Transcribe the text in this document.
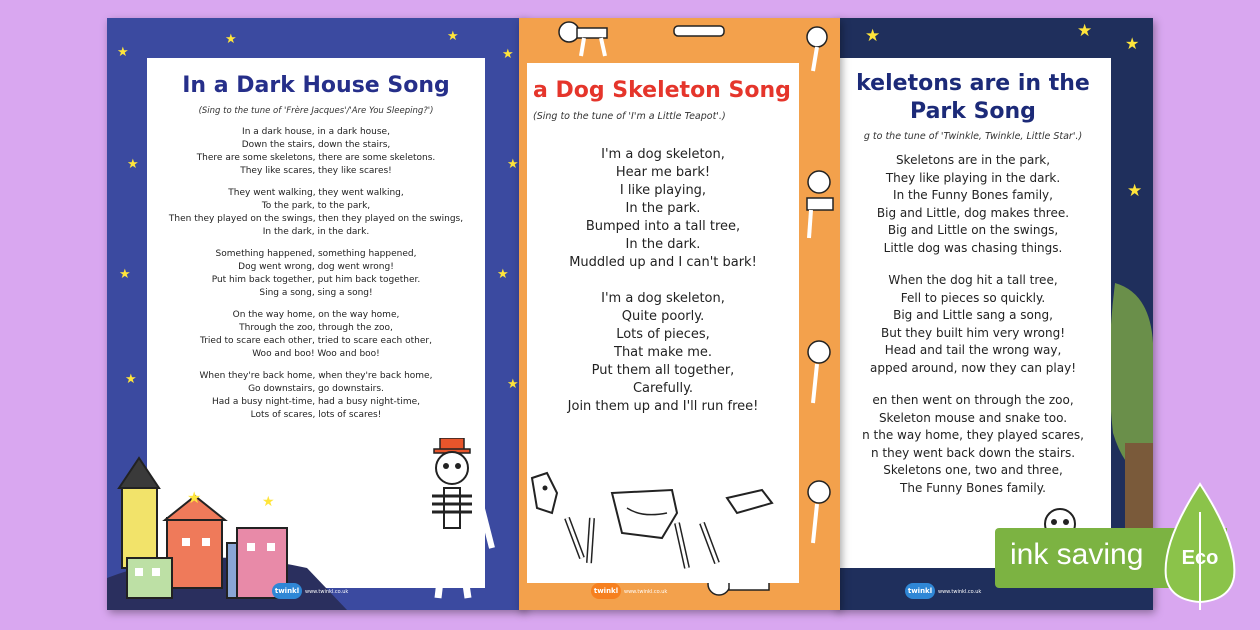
★
★	★
★
★	★
★	★
★	★
In a Dark House Song
(Sing to the tune of 'Frère Jacques'/'Are You Sleeping?')
In a dark house, in a dark house,
Down the stairs, down the stairs,
There are some skeletons, there are some skeletons.
They like scares, they like scares!
They went walking, they went walking,
To the park, to the park,
Then they played on the swings, then they played on the swings,
In the dark, in the dark.
Something happened, something happened,
Dog went wrong, dog went wrong!
Put him back together, put him back together.
Sing a song, sing a song!
On the way home, on the way home,
Through the zoo, through the zoo,
Tried to scare each other, tried to scare each other,
Woo and boo! Woo and boo!
When they're back home, when they're back home,
Go downstairs, go downstairs.
Had a busy night-time, had a busy night-time,
Lots of scares, lots of scares!
★	★
twinkl	www.twinkl.co.uk
★	★
★
★
keletons are in the
Park Song
g to the tune of 'Twinkle, Twinkle, Little Star'.)
Skeletons are in the park,
They like playing in the dark.
In the Funny Bones family,
Big and Little, dog makes three.
Big and Little on the swings,
Little dog was chasing things.
When the dog hit a tall tree,
Fell to pieces so quickly.
Big and Little sang a song,
But they built him very wrong!
Head and tail the wrong way,
apped around, now they can play!
en then went on through the zoo,
Skeleton mouse and snake too.
n the way home, they played scares,
n they went back down the stairs.
Skeletons one, two and three,
The Funny Bones family.
twinkl	www.twinkl.co.uk
a Dog Skeleton Song
(Sing to the tune of 'I'm a Little Teapot'.)
I'm a dog skeleton,
Hear me bark!
I like playing,
In the park.
Bumped into a tall tree,
In the dark.
Muddled up and I can't bark!
I'm a dog skeleton,
Quite poorly.
Lots of pieces,
That make me.
Put them all together,
Carefully.
Join them up and I'll run free!
twinkl	www.twinkl.co.uk
ink saving Eco
